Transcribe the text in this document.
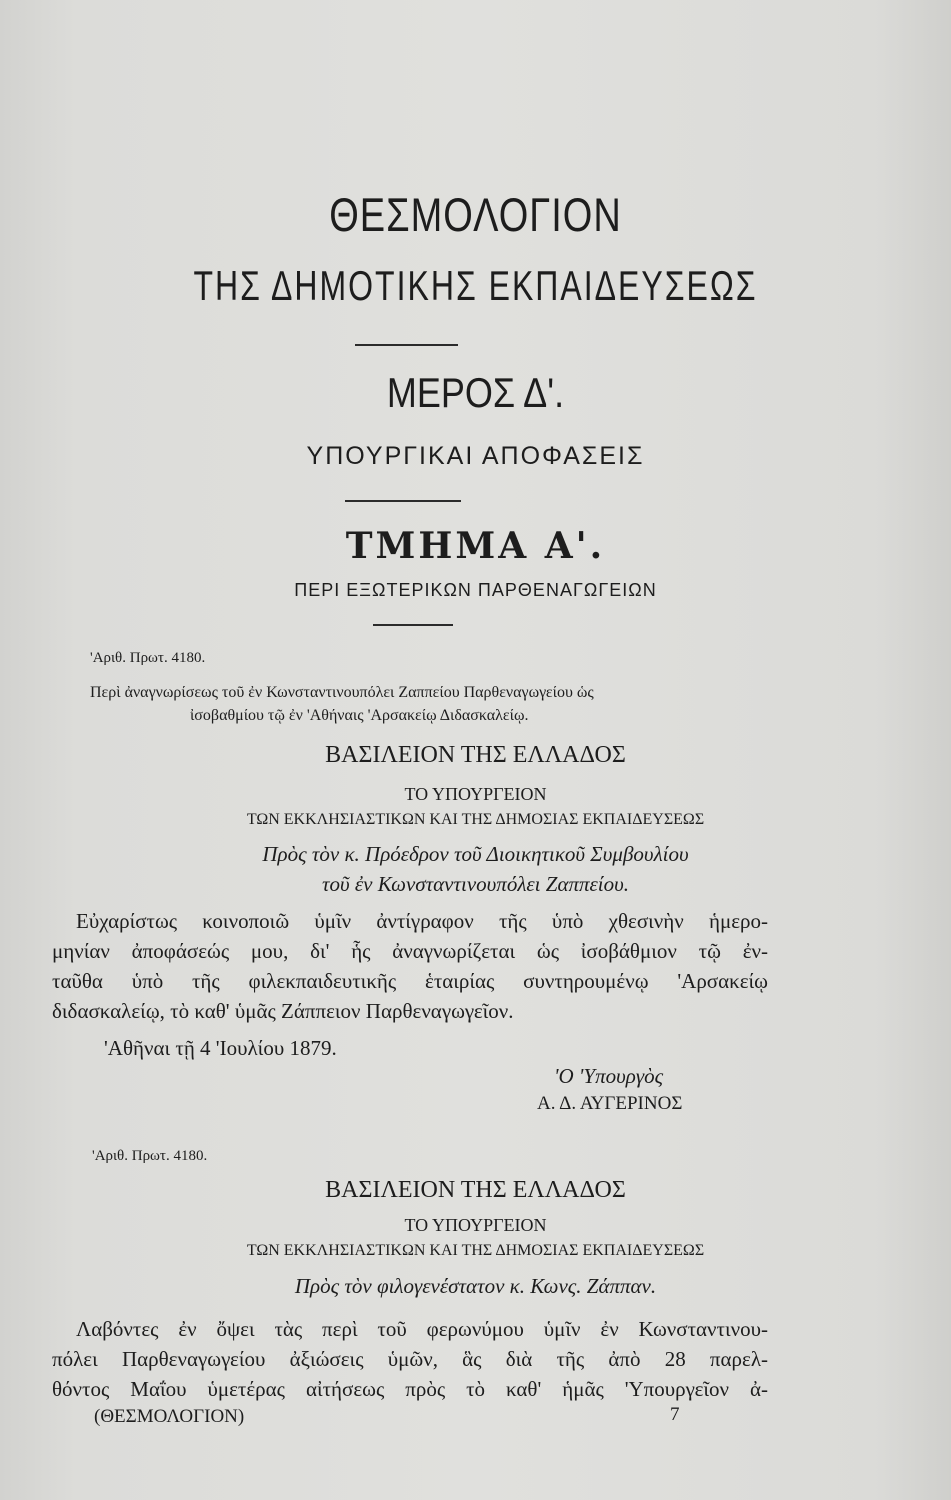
ΘΕΣΜΟΛΟΓΙΟΝ
ΤΗΣ ΔΗΜΟΤΙΚΗΣ ΕΚΠΑΙΔΕΥΣΕΩΣ
ΜΕΡΟΣ Δ'.
ΥΠΟΥΡΓΙΚΑΙ ΑΠΟΦΑΣΕΙΣ
ΤΜΗΜΑ Α'.
ΠΕΡΙ ΕΞΩΤΕΡΙΚΩΝ ΠΑΡΘΕΝΑΓΩΓΕΙΩΝ
'Αριθ. Πρωτ. 4180.
Περὶ ἀναγνωρίσεως τοῦ ἐν Κωνσταντινουπόλει Ζαππείου Παρθεναγωγείου ὡς
ἰσοβαθμίου τῷ ἐν 'Αθήναις 'Αρσακείῳ Διδασκαλείῳ.
ΒΑΣΙΛΕΙΟΝ ΤΗΣ ΕΛΛΑΔΟΣ
ΤΟ ΥΠΟΥΡΓΕΙΟΝ
ΤΩΝ ΕΚΚΛΗΣΙΑΣΤΙΚΩΝ ΚΑΙ ΤΗΣ ΔΗΜΟΣΙΑΣ ΕΚΠΑΙΔΕΥΣΕΩΣ
Πρὸς τὸν κ. Πρόεδρον τοῦ Διοικητικοῦ Συμβουλίου
τοῦ ἐν Κωνσταντινουπόλει Ζαππείου.
Εὐχαρίστως κοινοποιῶ ὑμῖν ἀντίγραφον τῆς ὑπὸ χθεσινὴν ἡμερο-
μηνίαν ἀποφάσεώς μου, δι' ἧς ἀναγνωρίζεται ὡς ἰσοβάθμιον τῷ ἐν-
ταῦθα ὑπὸ τῆς φιλεκπαιδευτικῆς ἑταιρίας συντηρουμένῳ 'Αρσακείῳ
διδασκαλείῳ, τὸ καθ' ὑμᾶς Ζάππειον Παρθεναγωγεῖον.
'Αθῆναι τῇ 4 'Ιουλίου 1879.
'Ο 'Υπουργὸς
Α. Δ. ΑΥΓΕΡΙΝΟΣ
'Αριθ. Πρωτ. 4180.
ΒΑΣΙΛΕΙΟΝ ΤΗΣ ΕΛΛΑΔΟΣ
ΤΟ ΥΠΟΥΡΓΕΙΟΝ
ΤΩΝ ΕΚΚΛΗΣΙΑΣΤΙΚΩΝ ΚΑΙ ΤΗΣ ΔΗΜΟΣΙΑΣ ΕΚΠΑΙΔΕΥΣΕΩΣ
Πρὸς τὸν φιλογενέστατον κ. Κωνς. Ζάππαν.
Λαβόντες ἐν ὄψει τὰς περὶ τοῦ φερωνύμου ὑμῖν ἐν Κωνσταντινου-
πόλει Παρθεναγωγείου ἀξιώσεις ὑμῶν, ἃς διὰ τῆς ἀπὸ 28 παρελ-
θόντος Μαΐου ὑμετέρας αἰτήσεως πρὸς τὸ καθ' ἡμᾶς 'Υπουργεῖον ἀ-
(ΘΕΣΜΟΛΟΓΙΟΝ)	7
